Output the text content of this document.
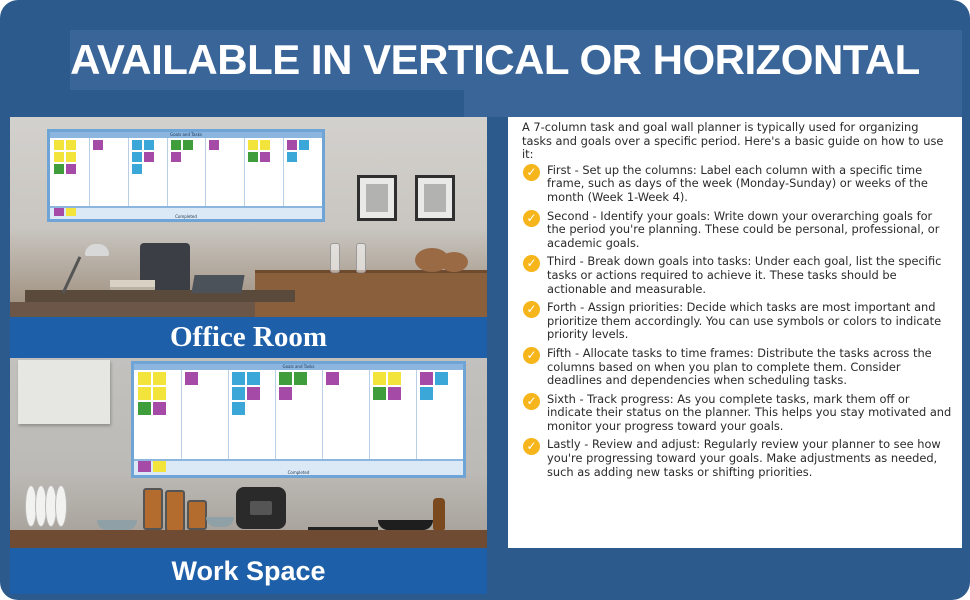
AVAILABLE IN VERTICAL OR HORIZONTAL
Goals and Tasks
Completed
Office Room
Goals and Tasks
Completed
Work Space

A 7-column task and goal wall planner is typically used for organizing tasks and goals over a specific period. Here's a basic guide on how to use it:

✓ First - Set up the columns: Label each column with a specific time frame, such as days of the week (Monday-Sunday) or weeks of the month (Week 1-Week 4).
✓ Second - Identify your goals: Write down your overarching goals for the period you're planning. These could be personal, professional, or academic goals.
✓ Third - Break down goals into tasks: Under each goal, list the specific tasks or actions required to achieve it. These tasks should be actionable and measurable.
✓ Forth - Assign priorities: Decide which tasks are most important and prioritize them accordingly. You can use symbols or colors to indicate priority levels.
✓ Fifth - Allocate tasks to time frames: Distribute the tasks across the columns based on when you plan to complete them. Consider deadlines and dependencies when scheduling tasks.
✓ Sixth - Track progress: As you complete tasks, mark them off or indicate their status on the planner. This helps you stay motivated and monitor your progress toward your goals.
✓ Lastly - Review and adjust: Regularly review your planner to see how you're progressing toward your goals. Make adjustments as needed, such as adding new tasks or shifting priorities.
